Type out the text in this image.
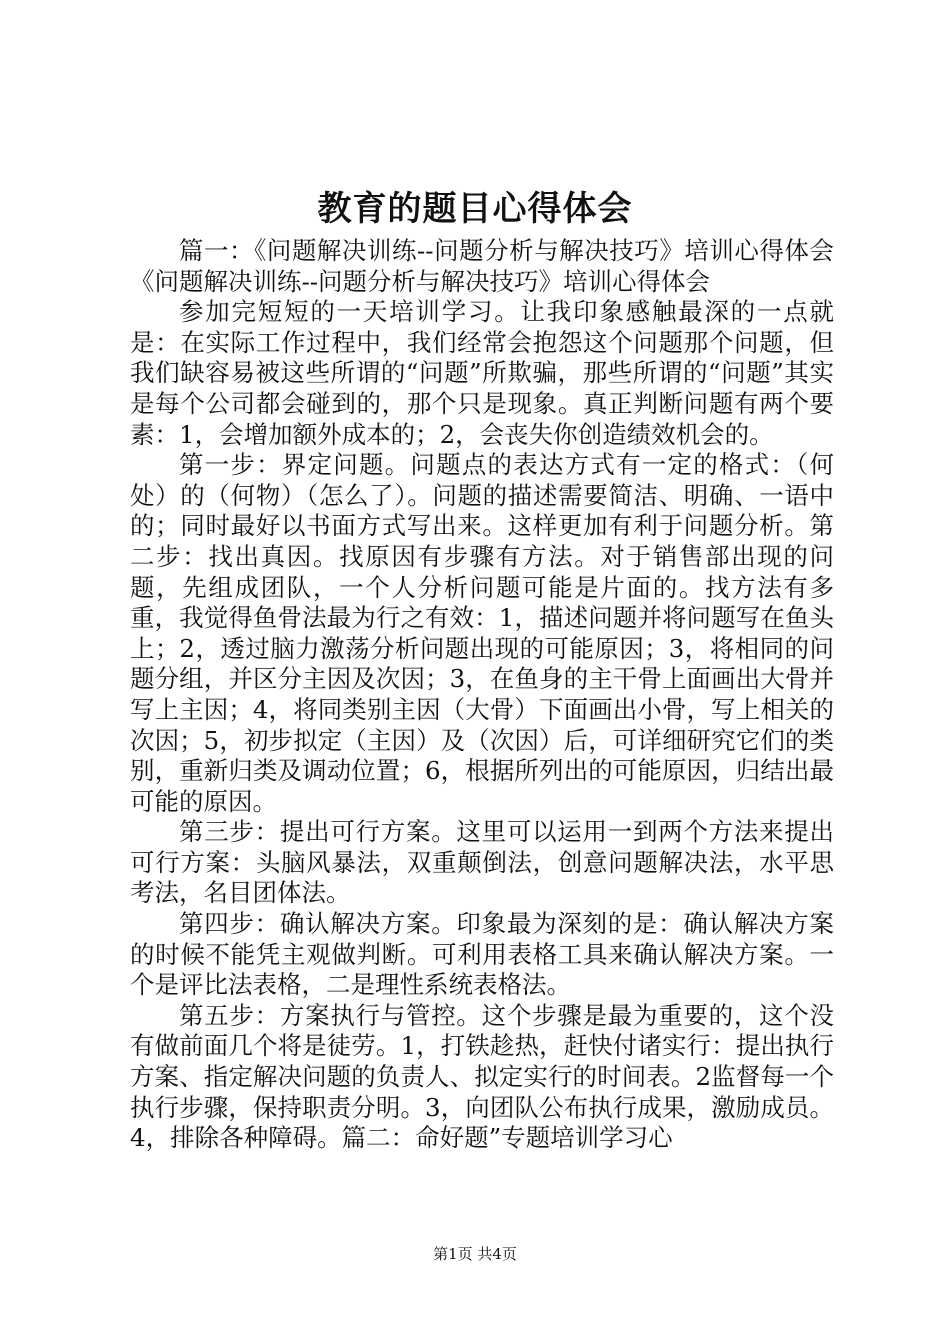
教育的题目心得体会

篇一：《问题解决训练--问题分析与解决技巧》培训心得体会《问题解决训练--问题分析与解决技巧》培训心得体会

参加完短短的一天培训学习。让我印象感触最深的一点就是：在实际工作过程中，我们经常会抱怨这个问题那个问题，但我们缺容易被这些所谓的“问题”所欺骗，那些所谓的“问题”其实是每个公司都会碰到的，那个只是现象。真正判断问题有两个要素：1，会增加额外成本的；2，会丧失你创造绩效机会的。

第一步：界定问题。问题点的表达方式有一定的格式：（何处）的（何物）（怎么了）。问题的描述需要简洁、明确、一语中的；同时最好以书面方式写出来。这样更加有利于问题分析。第二步：找出真因。找原因有步骤有方法。对于销售部出现的问题，先组成团队，一个人分析问题可能是片面的。找方法有多重，我觉得鱼骨法最为行之有效：1，描述问题并将问题写在鱼头上；2，透过脑力激荡分析问题出现的可能原因；3，将相同的问题分组，并区分主因及次因；3，在鱼身的主干骨上面画出大骨并写上主因；4，将同类别主因（大骨）下面画出小骨，写上相关的次因；5，初步拟定（主因）及（次因）后，可详细研究它们的类别，重新归类及调动位置；6，根据所列出的可能原因，归结出最可能的原因。

第三步：提出可行方案。这里可以运用一到两个方法来提出可行方案：头脑风暴法，双重颠倒法，创意问题解决法，水平思考法，名目团体法。

第四步：确认解决方案。印象最为深刻的是：确认解决方案的时候不能凭主观做判断。可利用表格工具来确认解决方案。一个是评比法表格，二是理性系统表格法。

第五步：方案执行与管控。这个步骤是最为重要的，这个没有做前面几个将是徒劳。1，打铁趁热，赶快付诸实行：提出执行方案、指定解决问题的负责人、拟定实行的时间表。2监督每一个执行步骤，保持职责分明。3，向团队公布执行成果，激励成员。4，排除各种障碍。篇二：命好题”专题培训学习心

第1页 共4页
